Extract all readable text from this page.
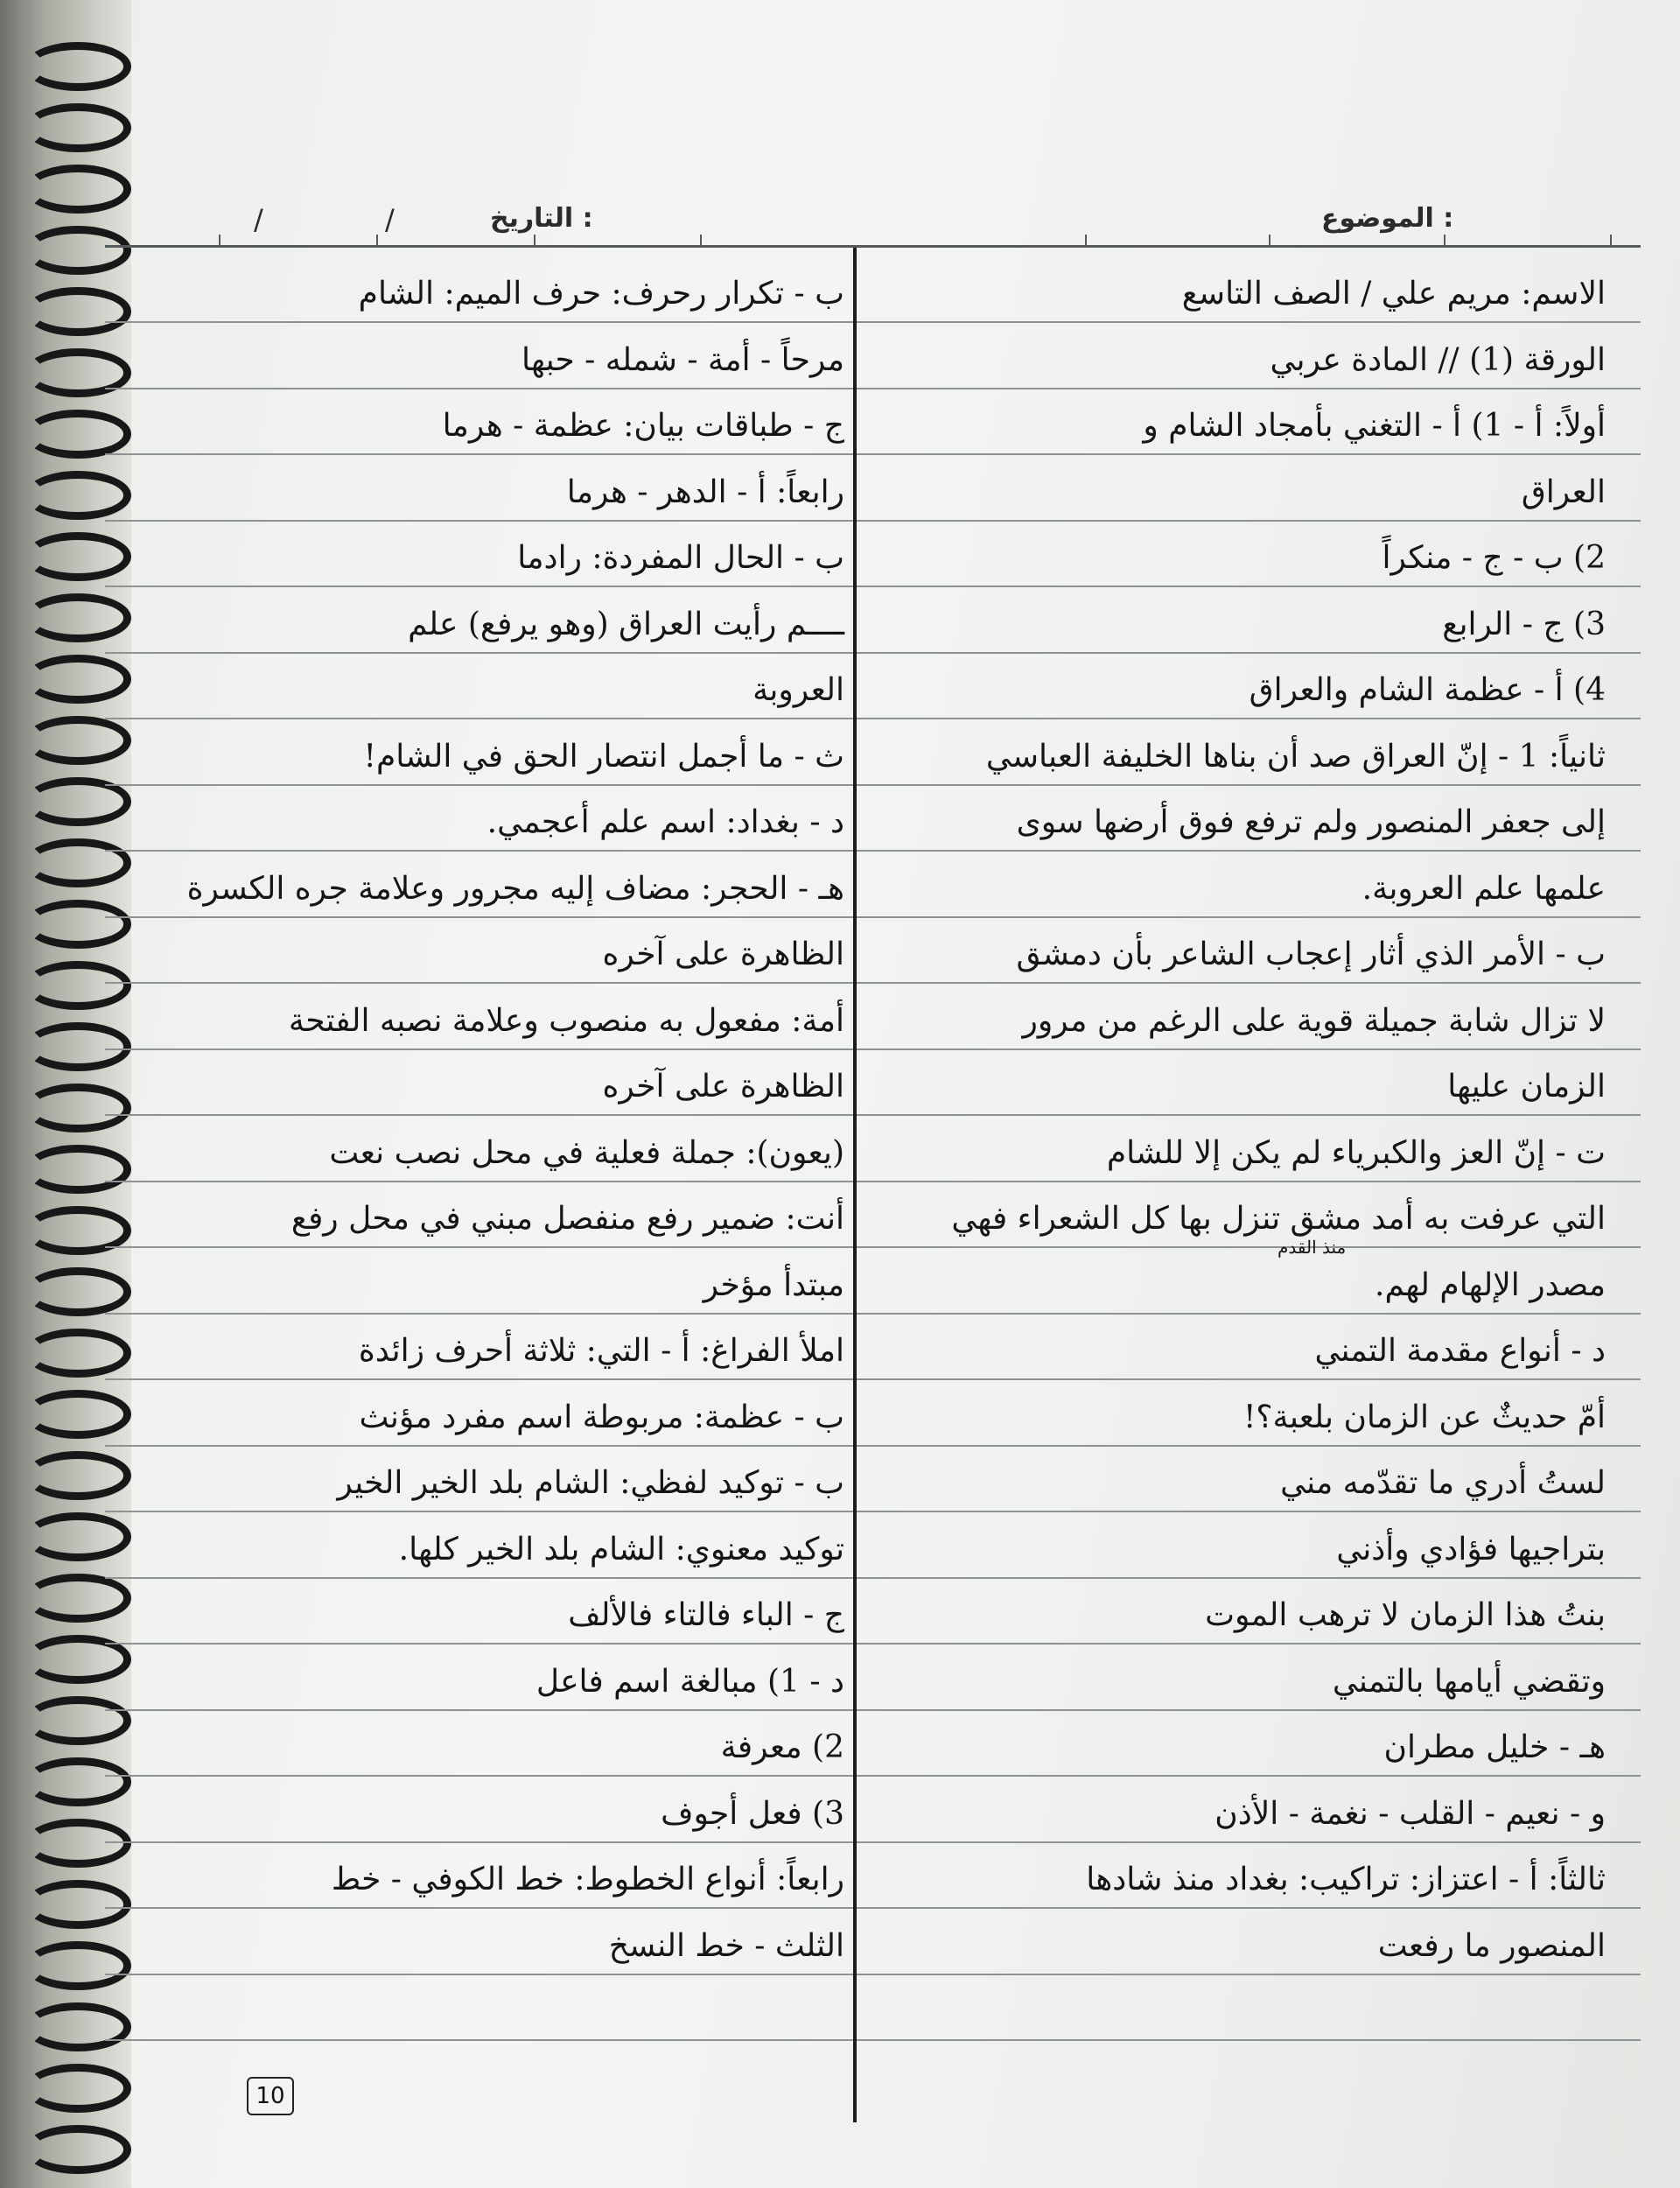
الموضوع :
التاريخ :
/	/
الاسم: مريم علي / الصف التاسع
الورقة (1) // المادة عربي
أولاً: أ - 1) أ - التغني بأمجاد الشام و
العراق
2) ب - ج - منكراً
3) ج - الرابع
4) أ - عظمة الشام والعراق
ثانياً: 1 - إنّ العراق صد أن بناها الخليفة العباسي
إلى جعفر المنصور ولم ترفع فوق أرضها سوى
علمها علم العروبة.
ب - الأمر الذي أثار إعجاب الشاعر بأن دمشق
لا تزال شابة جميلة قوية على الرغم من مرور
الزمان عليها
ت - إنّ العز والكبرياء لم يكن إلا للشام
التي عرفت به أمد مشق تنزل بها كل الشعراء فهي
مصدر الإلهام لهم.
د - أنواع مقدمة التمني
أمّ حديثٌ عن الزمان بلعبة؟!
لستُ أدري ما تقدّمه مني
بتراجيها فؤادي وأذني
بنتُ هذا الزمان لا ترهب الموت
وتقضي أيامها بالتمني
هـ - خليل مطران
و - نعيم - القلب - نغمة - الأذن
ثالثاً: أ - اعتزاز: تراكيب: بغداد منذ شادها
المنصور ما رفعت
ب - تكرار رحرف: حرف الميم: الشام
مرحاً - أمة - شمله - حبها
ج - طباقات بيان: عظمة - هرما
رابعاً: أ - الدهر - هرما
ب - الحال المفردة: رادما
ــــم رأيت العراق (وهو يرفع) علم
العروبة
ث - ما أجمل انتصار الحق في الشام!
د - بغداد: اسم علم أعجمي.
هـ - الحجر: مضاف إليه مجرور وعلامة جره الكسرة
الظاهرة على آخره
أمة: مفعول به منصوب وعلامة نصبه الفتحة
الظاهرة على آخره
(يعون): جملة فعلية في محل نصب نعت
أنت: ضمير رفع منفصل مبني في محل رفع
مبتدأ مؤخر
املأ الفراغ: أ - التي: ثلاثة أحرف زائدة
ب - عظمة: مربوطة اسم مفرد مؤنث
ب - توكيد لفظي: الشام بلد الخير الخير
توكيد معنوي: الشام بلد الخير كلها.
ج - الباء فالتاء فالألف
د - 1) مبالغة اسم فاعل
2) معرفة
3) فعل أجوف
رابعاً: أنواع الخطوط: خط الكوفي - خط
الثلث - خط النسخ
منذ القدم
10
